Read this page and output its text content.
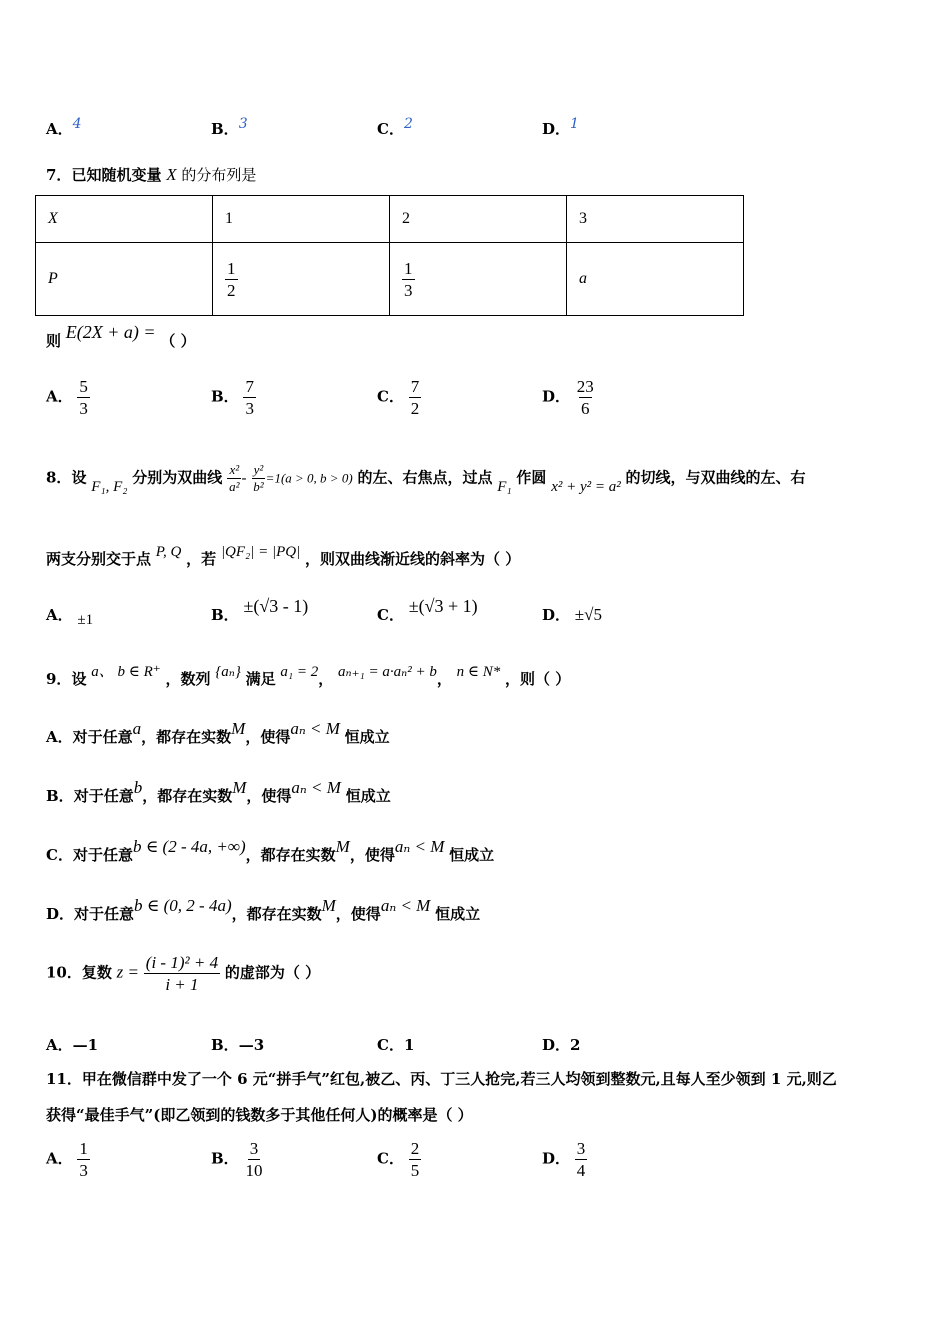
A．4	B．3	C．2	D．1
7．已知随机变量 X 的分布列是
X	1	2	3
P	$\frac{1}{2}$	$\frac{1}{3}$	a
则 E(2X + a) = （ ）
A． $\frac{5}{3}$	B． $\frac{7}{3}$	C． $\frac{7}{2}$	D． $\frac{23}{6}$
8．设 F₁, F₂ 分别为双曲线 $\frac{\text{x²}}{\text{a²}} - \frac{\text{y²}}{\text{b²}} =1(a > 0$, b > 0) 的左、右焦点，过点 F₁ 作圆 x² + y² = a² 的切线，与双曲线的左、右
两支分别交于点 P, Q ，若 |QF₂| = |PQ| ，则双曲线渐近线的斜率为（ ）
A． ±1	B． ±(√3 - 1)	C． ±(√3 + 1)	D． ±√5
9．设 a、 b ∈ R⁺ ，数列 {aₙ} 满足 a₁ = 2， aₙ₊₁ = a·aₙ² + b， n ∈ N* ，则（ ）
A．对于任意a，都存在实数M，使得aₙ < M 恒成立
B．对于任意b，都存在实数M，使得aₙ < M 恒成立
C．对于任意b ∈ (2 - 4a, +∞)，都存在实数M，使得aₙ < M 恒成立
D．对于任意b ∈ (0, 2 - 4a)，都存在实数M，使得aₙ < M 恒成立
10．复数 $z = \frac{\text{(i - 1)² + 4}}{i + 1}$ 的虚部为（ ）
A．—1	B．—3	C．1	D．2
11．甲在微信群中发了一个 6 元“拼手气”红包,被乙、丙、丁三人抢完,若三人均领到整数元,且每人至少领到 1 元,则乙
获得“最佳手气”(即乙领到的钱数多于其他任何人)的概率是（ ）
A． $\frac{1}{3}$	B． $\frac{3}{10}$	C． $\frac{2}{5}$	D． $\frac{3}{4}$
